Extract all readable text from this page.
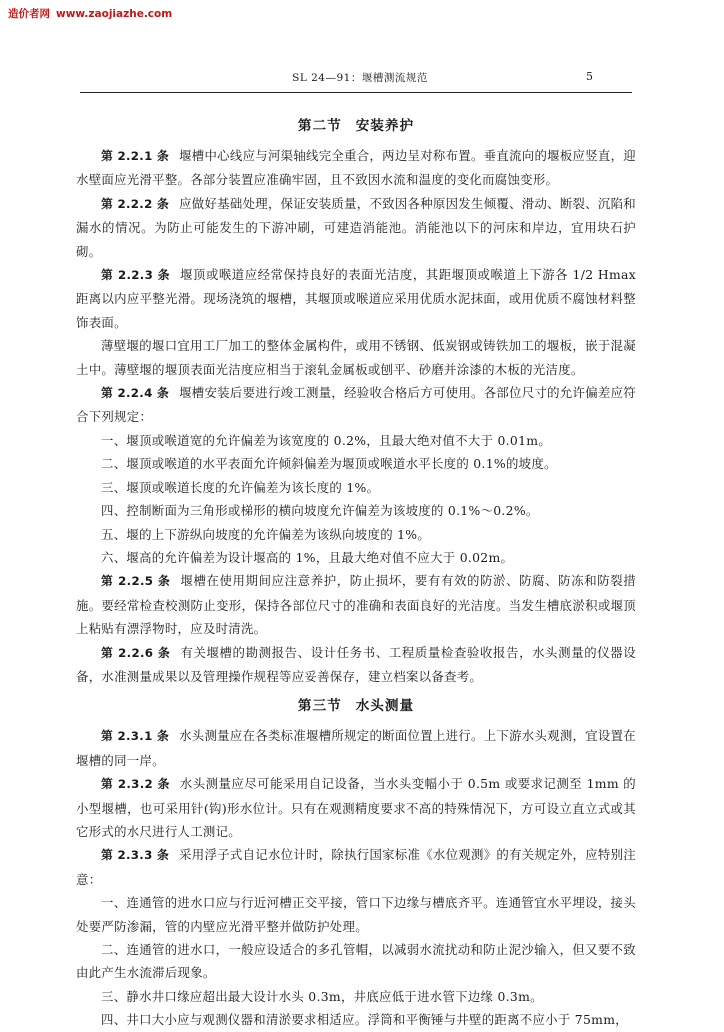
造价者网 www.zaojiazhe.com
SL 24—91：堰槽测流规范	5
第二节 安装养护

第 2.2.1 条 堰槽中心线应与河渠轴线完全重合，两边呈对称布置。垂直流向的堰板应竖直，迎水壁面应光滑平整。各部分装置应准确牢固，且不致因水流和温度的变化而腐蚀变形。

第 2.2.2 条 应做好基础处理，保证安装质量，不致因各种原因发生倾覆、滑动、断裂、沉陷和漏水的情况。为防止可能发生的下游冲刷，可建造消能池。消能池以下的河床和岸边，宜用块石护砌。

第 2.2.3 条 堰顶或喉道应经常保持良好的表面光洁度，其距堰顶或喉道上下游各 1/2 Hmax 距离以内应平整光滑。现场浇筑的堰槽，其堰顶或喉道应采用优质水泥抹面，或用优质不腐蚀材料整饰表面。

薄壁堰的堰口宜用工厂加工的整体金属构件，或用不锈钢、低炭钢或铸铁加工的堰板，嵌于混凝土中。薄壁堰的堰顶表面光洁度应相当于滚轧金属板或刨平、砂磨并涂漆的木板的光洁度。

第 2.2.4 条 堰槽安装后要进行竣工测量，经验收合格后方可使用。各部位尺寸的允许偏差应符合下列规定：

一、堰顶或喉道宽的允许偏差为该宽度的 0.2%，且最大绝对值不大于 0.01m。

二、堰顶或喉道的水平表面允许倾斜偏差为堰顶或喉道水平长度的 0.1%的坡度。

三、堰顶或喉道长度的允许偏差为该长度的 1%。

四、控制断面为三角形或梯形的横向坡度允许偏差为该坡度的 0.1%～0.2%。

五、堰的上下游纵向坡度的允许偏差为该纵向坡度的 1%。

六、堰高的允许偏差为设计堰高的 1%，且最大绝对值不应大于 0.02m。

第 2.2.5 条 堰槽在使用期间应注意养护，防止损坏，要有有效的防淤、防腐、防冻和防裂措施。要经常检查校测防止变形，保持各部位尺寸的准确和表面良好的光洁度。当发生槽底淤积或堰顶上粘贴有漂浮物时，应及时清洗。

第 2.2.6 条 有关堰槽的勘测报告、设计任务书、工程质量检查验收报告，水头测量的仪器设备，水准测量成果以及管理操作规程等应妥善保存，建立档案以备查考。

第三节 水头测量

第 2.3.1 条 水头测量应在各类标准堰槽所规定的断面位置上进行。上下游水头观测，宜设置在堰槽的同一岸。

第 2.3.2 条 水头测量应尽可能采用自记设备，当水头变幅小于 0.5m 或要求记测至 1mm 的小型堰槽，也可采用针(钩)形水位计。只有在观测精度要求不高的特殊情况下，方可设立直立式或其它形式的水尺进行人工测记。

第 2.3.3 条 采用浮子式自记水位计时，除执行国家标准《水位观测》的有关规定外，应特别注意：

一、连通管的进水口应与行近河槽正交平接，管口下边缘与槽底齐平。连通管宜水平埋设，接头处要严防渗漏，管的内壁应光滑平整并做防护处理。

二、连通管的进水口，一般应设适合的多孔管帽，以减弱水流扰动和防止泥沙输入，但又要不致由此产生水流滞后现象。

三、静水井口缘应超出最大设计水头 0.3m，井底应低于进水管下边缘 0.3m。

四、井口大小应与观测仪器和清淤要求相适应。浮筒和平衡锤与井壁的距离不应小于 75mm，
